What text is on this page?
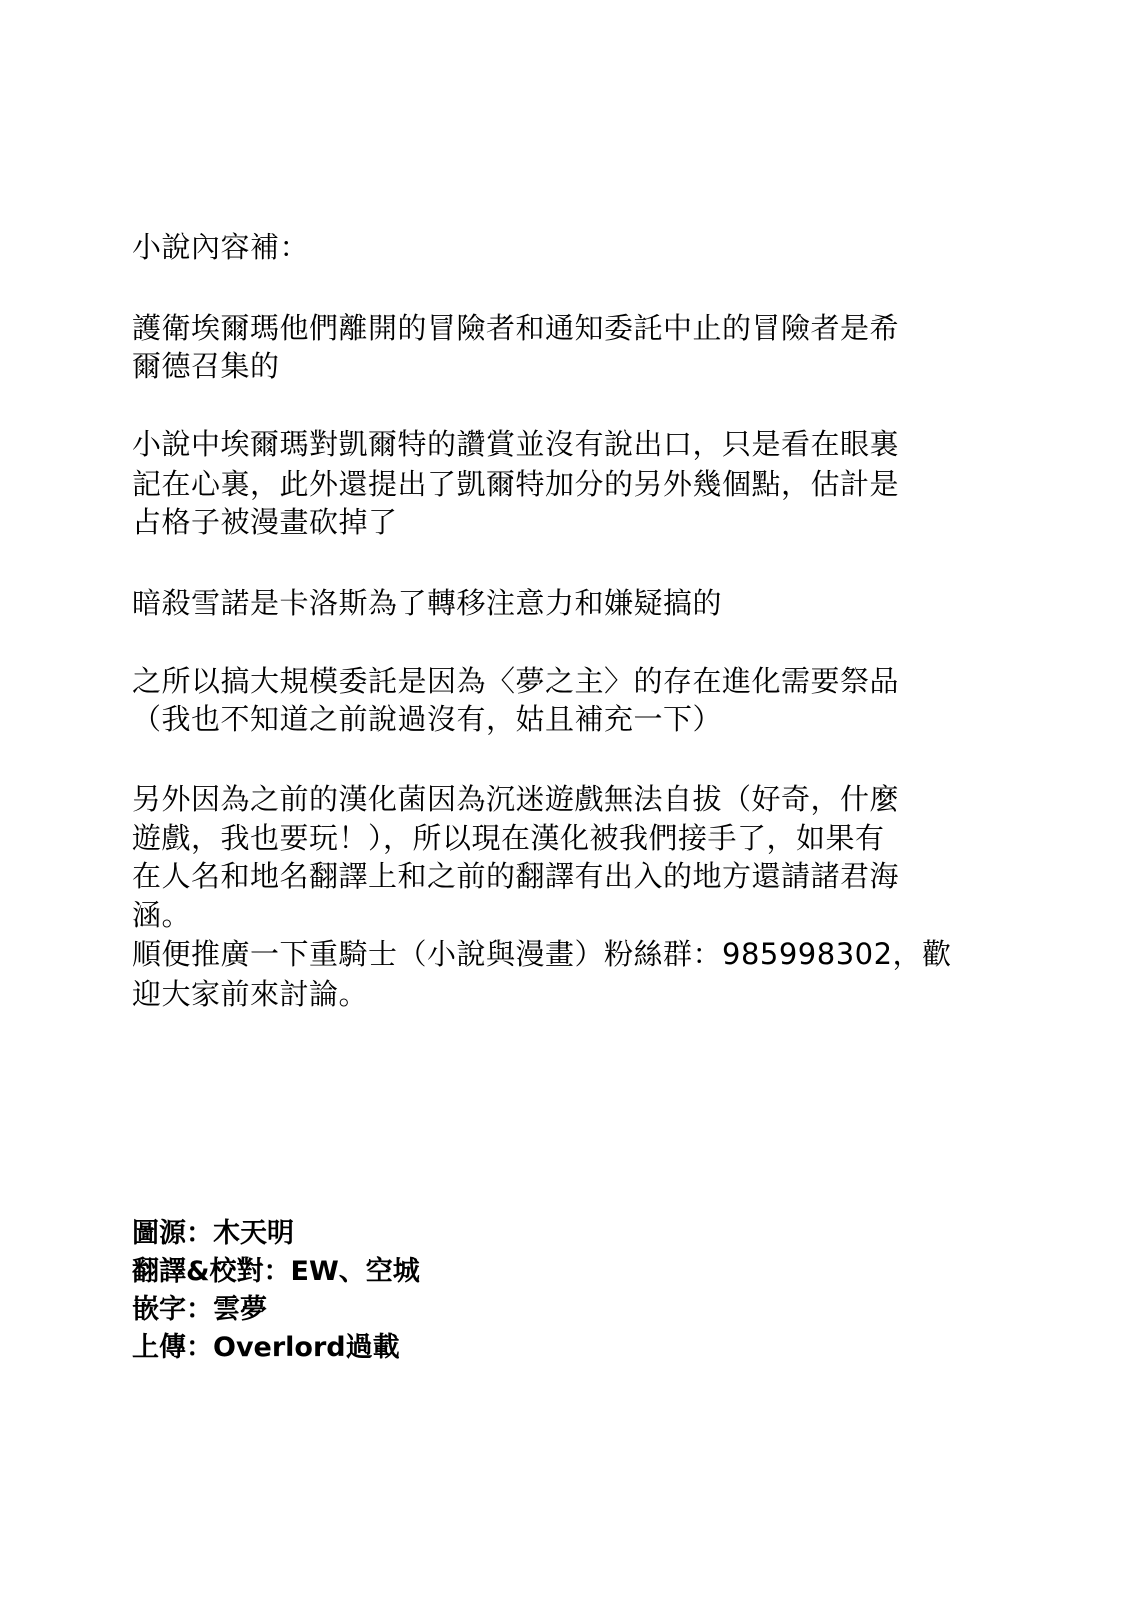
小說內容補：
護衛埃爾瑪他們離開的冒險者和通知委託中止的冒險者是希
爾德召集的
小說中埃爾瑪對凱爾特的讚賞並沒有說出口，只是看在眼裏
記在心裏，此外還提出了凱爾特加分的另外幾個點，估計是
占格子被漫畫砍掉了
暗殺雪諾是卡洛斯為了轉移注意力和嫌疑搞的
之所以搞大規模委託是因為〈夢之主〉的存在進化需要祭品
（我也不知道之前說過沒有，姑且補充一下）
另外因為之前的漢化菌因為沉迷遊戲無法自拔（好奇，什麼
遊戲，我也要玩！），所以現在漢化被我們接手了，如果有
在人名和地名翻譯上和之前的翻譯有出入的地方還請諸君海
涵。
順便推廣一下重騎士（小說與漫畫）粉絲群：985998302，歡
迎大家前來討論。
圖源：木天明
翻譯&校對：EW、空城
嵌字：雲夢
上傳：Overlord過載
